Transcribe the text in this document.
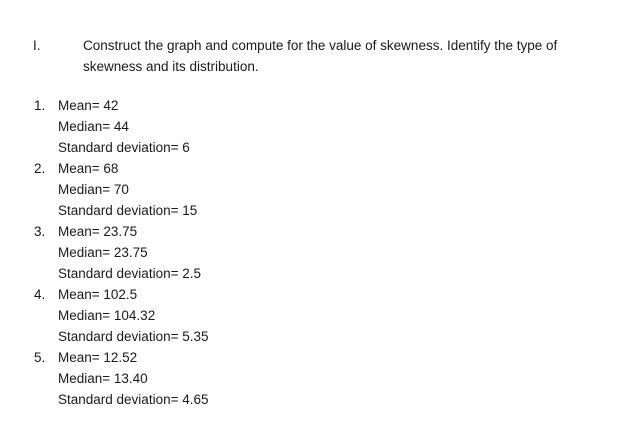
I.	Construct the graph and compute for the value of skewness. Identify the type of skewness and its distribution.
1. Mean= 42
Median= 44
Standard deviation= 6
2. Mean= 68
Median= 70
Standard deviation= 15
3. Mean= 23.75
Median= 23.75
Standard deviation= 2.5
4. Mean= 102.5
Median= 104.32
Standard deviation= 5.35
5. Mean= 12.52
Median= 13.40
Standard deviation= 4.65
